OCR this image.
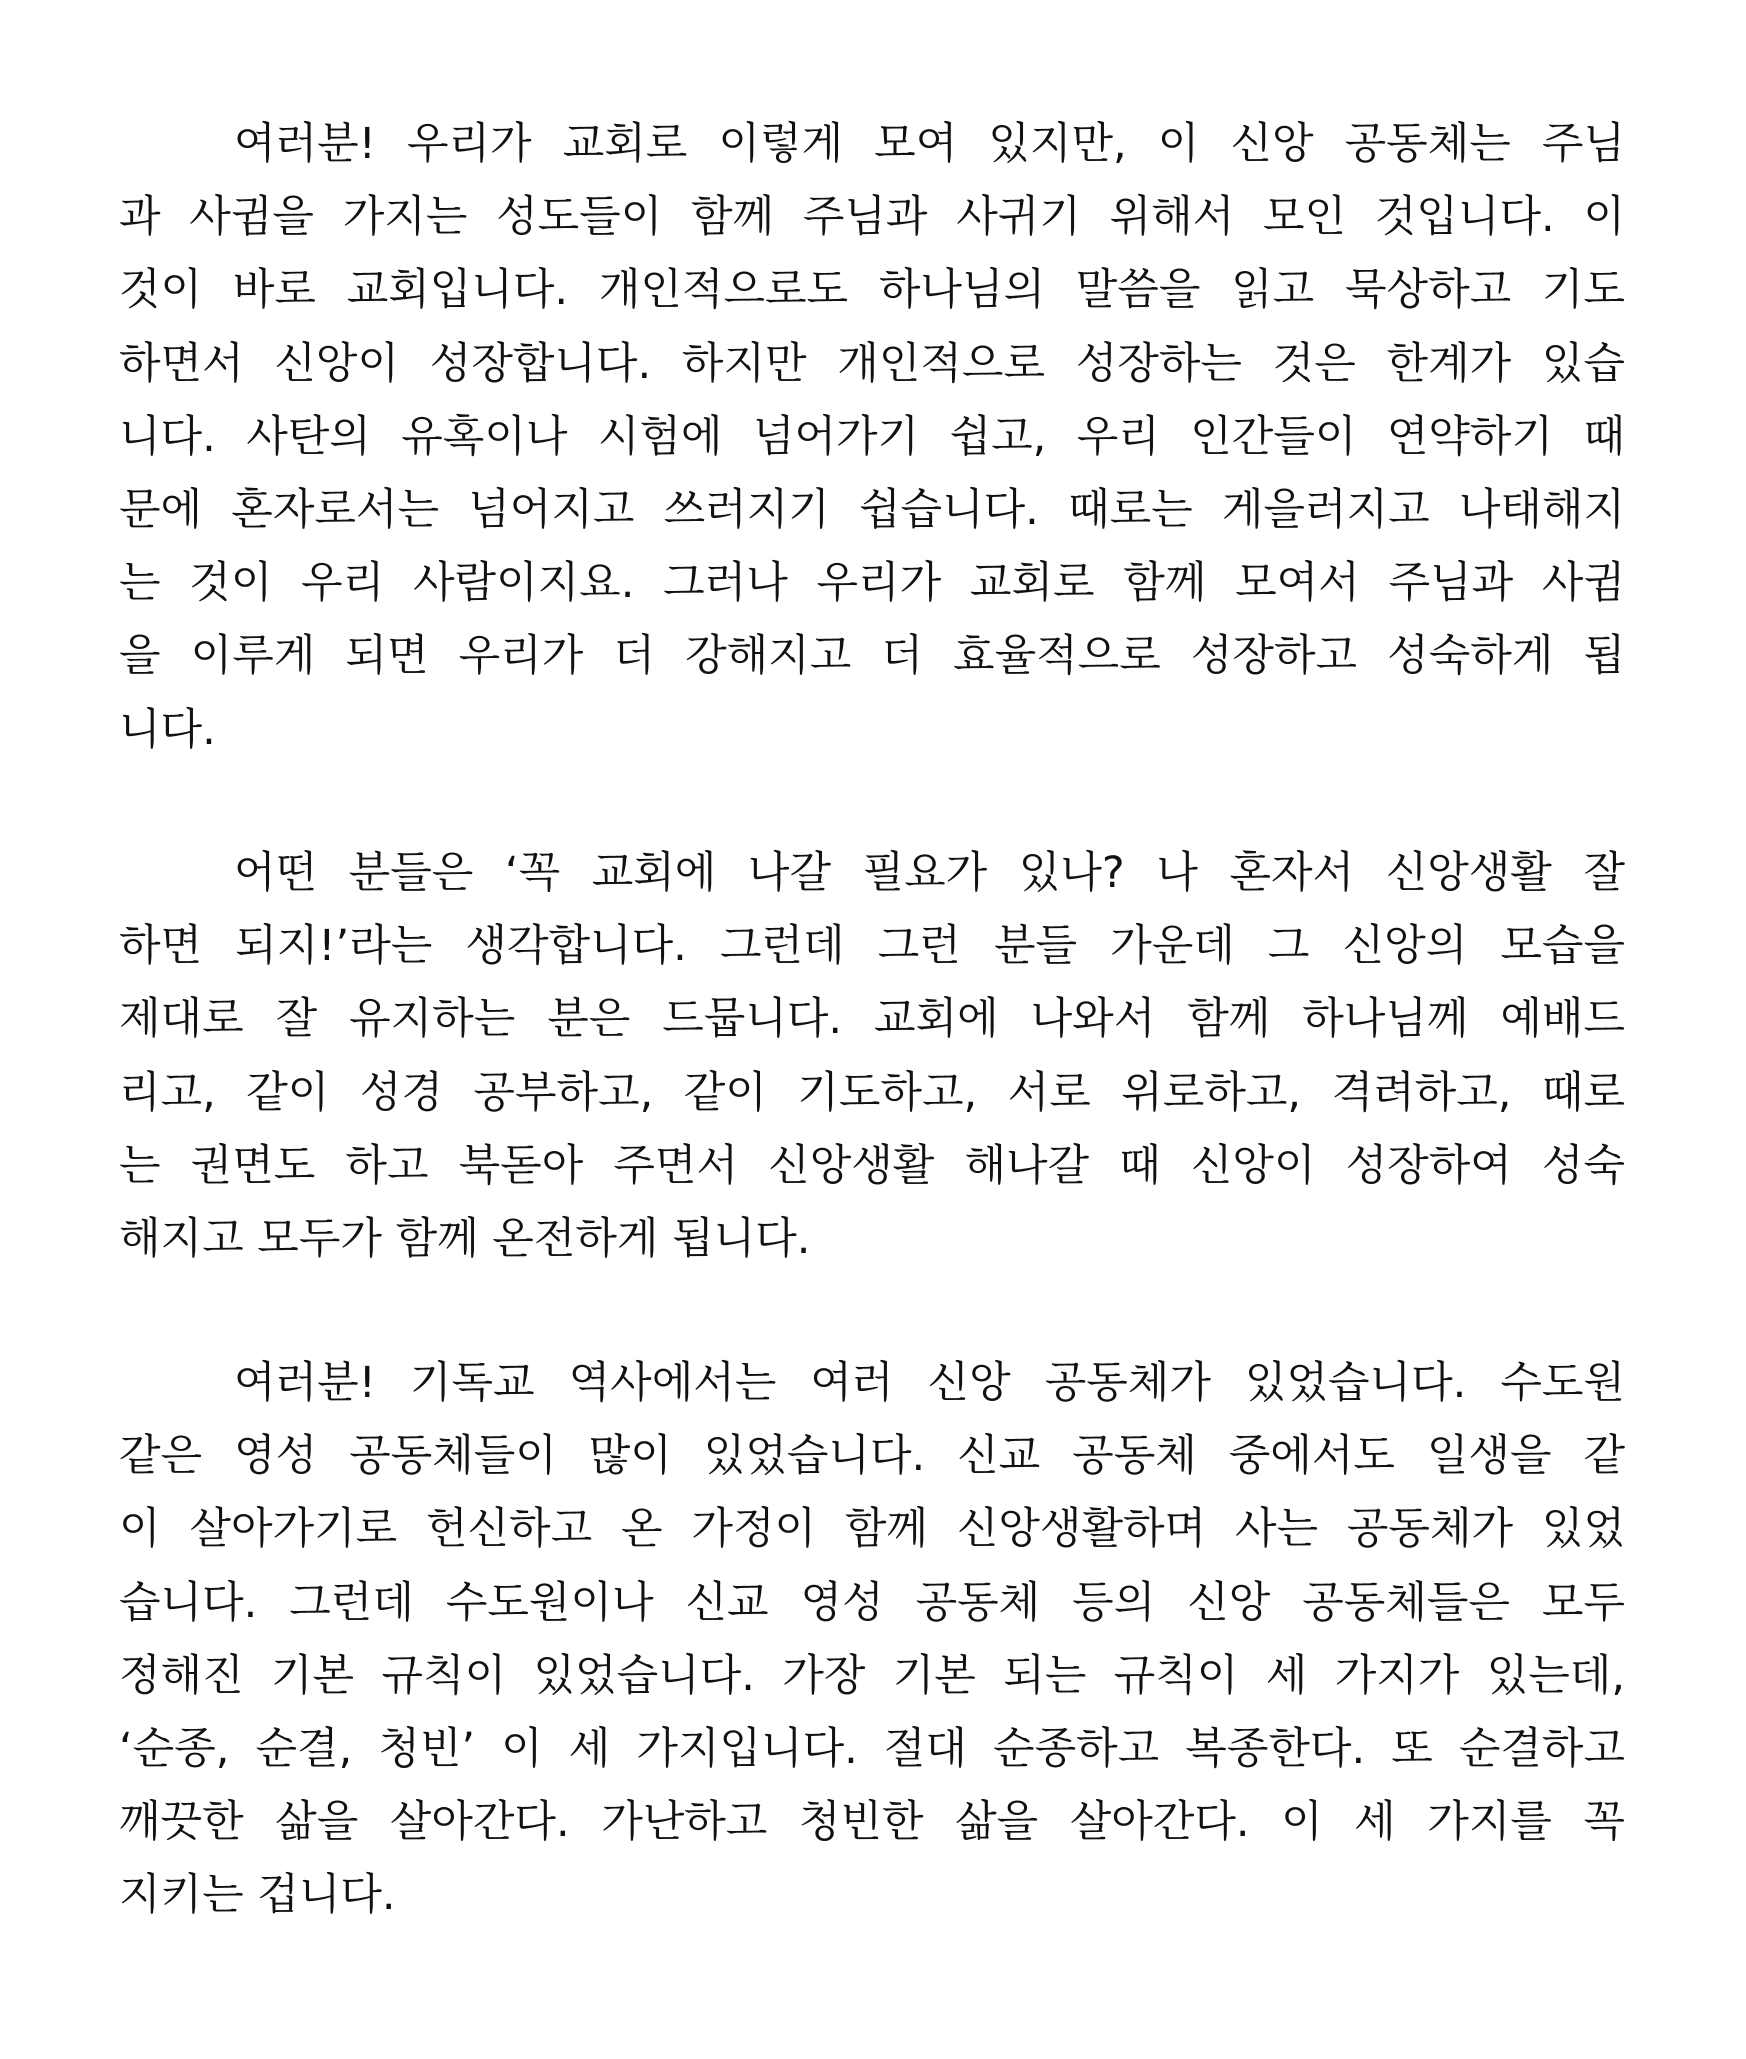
여러분! 우리가 교회로 이렇게 모여 있지만, 이 신앙 공동체는 주님
과 사귐을 가지는 성도들이 함께 주님과 사귀기 위해서 모인 것입니다. 이
것이 바로 교회입니다. 개인적으로도 하나님의 말씀을 읽고 묵상하고 기도
하면서 신앙이 성장합니다. 하지만 개인적으로 성장하는 것은 한계가 있습
니다. 사탄의 유혹이나 시험에 넘어가기 쉽고, 우리 인간들이 연약하기 때
문에 혼자로서는 넘어지고 쓰러지기 쉽습니다. 때로는 게을러지고 나태해지
는 것이 우리 사람이지요. 그러나 우리가 교회로 함께 모여서 주님과 사귐
을 이루게 되면 우리가 더 강해지고 더 효율적으로 성장하고 성숙하게 됩
니다.
어떤 분들은 ‘꼭 교회에 나갈 필요가 있나? 나 혼자서 신앙생활 잘
하면 되지!’라는 생각합니다. 그런데 그런 분들 가운데 그 신앙의 모습을
제대로 잘 유지하는 분은 드뭅니다. 교회에 나와서 함께 하나님께 예배드
리고, 같이 성경 공부하고, 같이 기도하고, 서로 위로하고, 격려하고, 때로
는 권면도 하고 북돋아 주면서 신앙생활 해나갈 때 신앙이 성장하여 성숙
해지고 모두가 함께 온전하게 됩니다.
여러분! 기독교 역사에서는 여러 신앙 공동체가 있었습니다. 수도원
같은 영성 공동체들이 많이 있었습니다. 신교 공동체 중에서도 일생을 같
이 살아가기로 헌신하고 온 가정이 함께 신앙생활하며 사는 공동체가 있었
습니다. 그런데 수도원이나 신교 영성 공동체 등의 신앙 공동체들은 모두
정해진 기본 규칙이 있었습니다. 가장 기본 되는 규칙이 세 가지가 있는데,
‘순종, 순결, 청빈’ 이 세 가지입니다. 절대 순종하고 복종한다. 또 순결하고
깨끗한 삶을 살아간다. 가난하고 청빈한 삶을 살아간다. 이 세 가지를 꼭
지키는 겁니다.
